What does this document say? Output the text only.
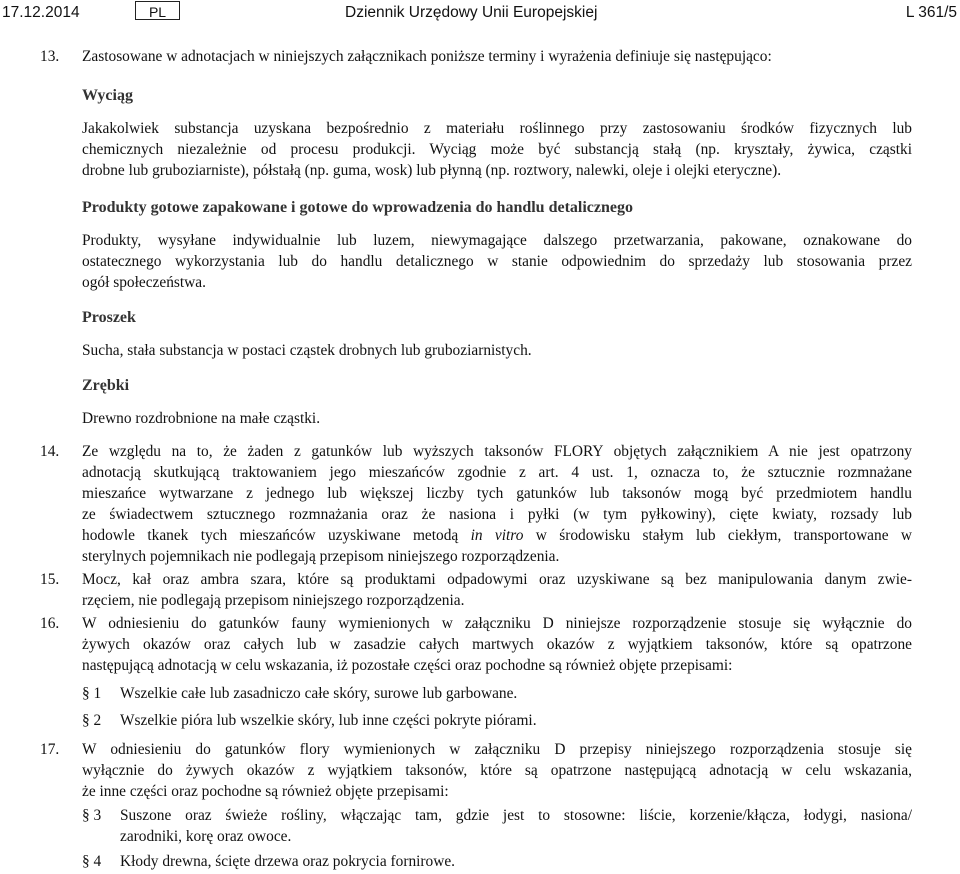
17.12.2014	PL	Dziennik Urzędowy Unii Europejskiej	L 361/5
13. Zastosowane w adnotacjach w niniejszych załącznikach poniższe terminy i wyrażenia definiuje się następująco:
Wyciąg
Jakakolwiek substancja uzyskana bezpośrednio z materiału roślinnego przy zastosowaniu środków fizycznych lub
chemicznych niezależnie od procesu produkcji. Wyciąg może być substancją stałą (np. kryształy, żywica, cząstki
drobne lub gruboziarniste), półstałą (np. guma, wosk) lub płynną (np. roztwory, nalewki, oleje i olejki eteryczne).
Produkty gotowe zapakowane i gotowe do wprowadzenia do handlu detalicznego
Produkty, wysyłane indywidualnie lub luzem, niewymagające dalszego przetwarzania, pakowane, oznakowane do
ostatecznego wykorzystania lub do handlu detalicznego w stanie odpowiednim do sprzedaży lub stosowania przez
ogół społeczeństwa.
Proszek
Sucha, stała substancja w postaci cząstek drobnych lub gruboziarnistych.
Zrębki
Drewno rozdrobnione na małe cząstki.
14. Ze względu na to, że żaden z gatunków lub wyższych taksonów FLORY objętych załącznikiem A nie jest opatrzony
adnotacją skutkującą traktowaniem jego mieszańców zgodnie z art. 4 ust. 1, oznacza to, że sztucznie rozmnażane
mieszańce wytwarzane z jednego lub większej liczby tych gatunków lub taksonów mogą być przedmiotem handlu
ze świadectwem sztucznego rozmnażania oraz że nasiona i pyłki (w tym pyłkowiny), cięte kwiaty, rozsady lub
hodowle tkanek tych mieszańców uzyskiwane metodą in vitro w środowisku stałym lub ciekłym, transportowane w
sterylnych pojemnikach nie podlegają przepisom niniejszego rozporządzenia.
15. Mocz, kał oraz ambra szara, które są produktami odpadowymi oraz uzyskiwane są bez manipulowania danym zwie-
rzęciem, nie podlegają przepisom niniejszego rozporządzenia.
16. W odniesieniu do gatunków fauny wymienionych w załączniku D niniejsze rozporządzenie stosuje się wyłącznie do
żywych okazów oraz całych lub w zasadzie całych martwych okazów z wyjątkiem taksonów, które są opatrzone
następującą adnotacją w celu wskazania, iż pozostałe części oraz pochodne są również objęte przepisami:
§ 1 Wszelkie całe lub zasadniczo całe skóry, surowe lub garbowane.
§ 2 Wszelkie pióra lub wszelkie skóry, lub inne części pokryte piórami.
17. W odniesieniu do gatunków flory wymienionych w załączniku D przepisy niniejszego rozporządzenia stosuje się
wyłącznie do żywych okazów z wyjątkiem taksonów, które są opatrzone następującą adnotacją w celu wskazania,
że inne części oraz pochodne są również objęte przepisami:
§ 3 Suszone oraz świeże rośliny, włączając tam, gdzie jest to stosowne: liście, korzenie/kłącza, łodygi, nasiona/
zarodniki, korę oraz owoce.
§ 4 Kłody drewna, ścięte drzewa oraz pokrycia fornirowe.
